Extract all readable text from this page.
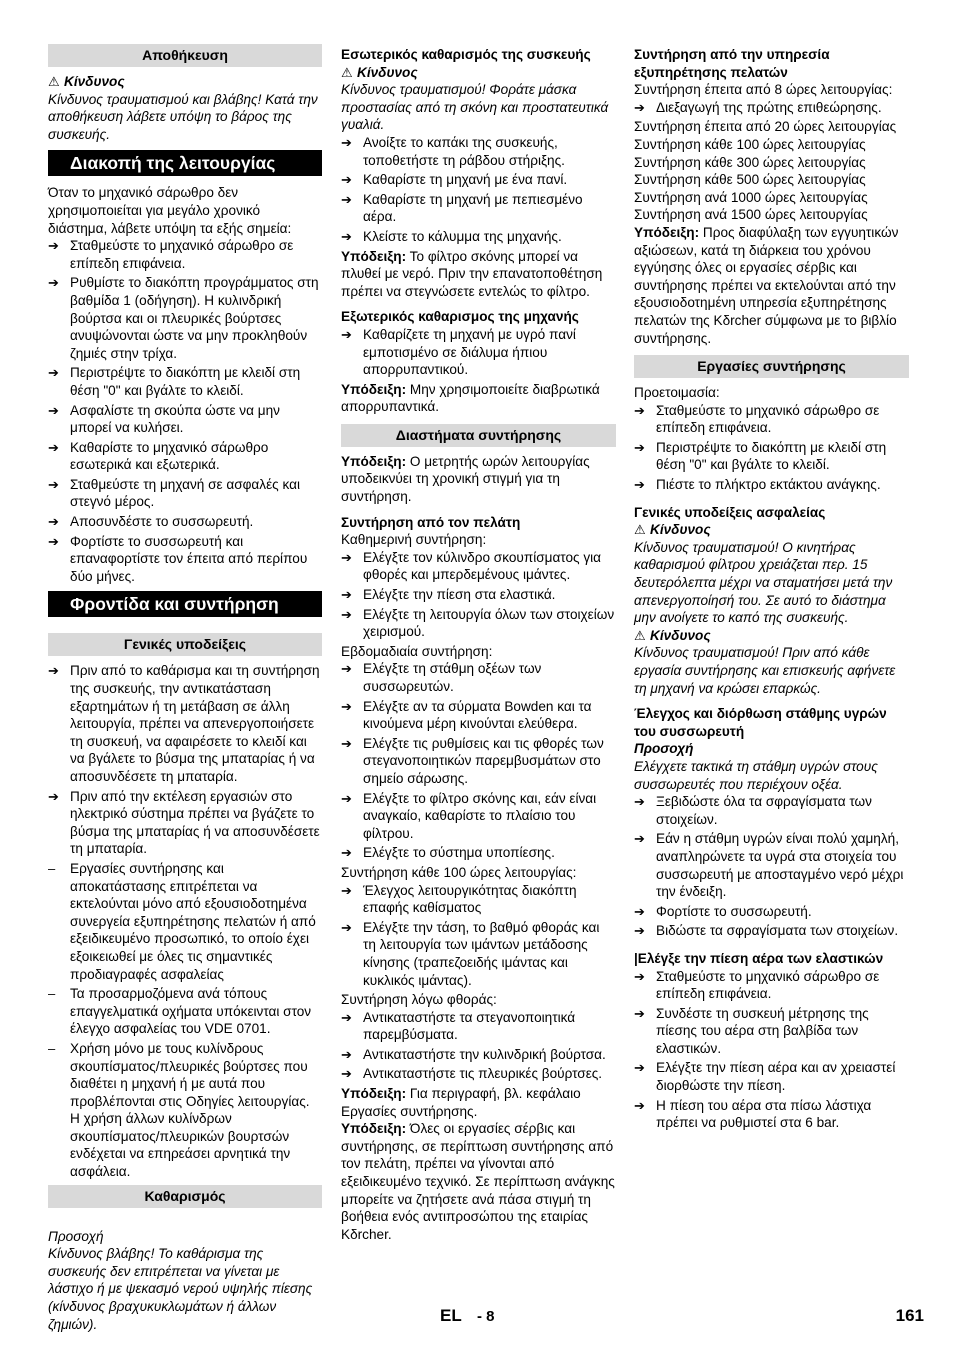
Αποθήκευση
⚠ Κίνδυνος

Κίνδυνος τραυματισμού και βλάβης! Κατά την αποθήκευση λάβετε υπόψη το βάρος της συσκευής.

Διακοπή της λειτουργίας

Όταν το μηχανικό σάρωθρο δεν χρησιμοποιείται για μεγάλο χρονικό διάστημα, λάβετε υπόψη τα εξής σημεία:

➔ Σταθμεύστε το μηχανικό σάρωθρο σε επίπεδη επιφάνεια.
➔ Ρυθμίστε το διακόπτη προγράμματος στη βαθμίδα 1 (οδήγηση). Η κυλινδρική βούρτσα και οι πλευρικές βούρτσες ανυψώνονται ώστε να μην προκληθούν ζημιές στην τρίχα.
➔ Περιστρέψτε το διακόπτη με κλειδί στη θέση "0" και βγάλτε το κλειδί.
➔ Ασφαλίστε τη σκούπα ώστε να μην μπορεί να κυλήσει.
➔ Καθαρίστε το μηχανικό σάρωθρο εσωτερικά και εξωτερικά.
➔ Σταθμεύστε τη μηχανή σε ασφαλές και στεγνό μέρος.
➔ Αποσυνδέστε το συσσωρευτή.
➔ Φορτίστε το συσσωρευτή και επαναφορτίστε τον έπειτα από περίπου δύο μήνες.
Φροντίδα και συντήρηση
Γενικές υποδείξεις
➔ Πριν από το καθάρισμα και τη συντήρηση της συσκευής, την αντικατάσταση εξαρτημάτων ή τη μετάβαση σε άλλη λειτουργία, πρέπει να απενεργοποιήσετε τη συσκευή, να αφαιρέσετε το κλειδί και να βγάλετε το βύσμα της μπαταρίας ή να αποσυνδέσετε τη μπαταρία.
➔ Πριν από την εκτέλεση εργασιών στο ηλεκτρικό σύστημα πρέπει να βγάζετε το βύσμα της μπαταρίας ή να αποσυνδέσετε τη μπαταρία.
–	Εργασίες συντήρησης και αποκατάστασης επιτρέπεται να εκτελούνται μόνο από εξουσιοδοτημένα συνεργεία εξυπηρέτησης πελατών ή από εξειδικευμένο προσωπικό, το οποίο έχει εξοικειωθεί με όλες τις σημαντικές προδιαγραφές ασφαλείας
–	Τα προσαρμοζόμενα ανά τόπους επαγγελματικά οχήματα υπόκεινται στον έλεγχο ασφαλείας του VDE 0701.
–	Χρήση μόνο με τους κυλίνδρους σκουπίσματος/πλευρικές βούρτσες που διαθέτει η μηχανή ή με αυτά που προβλέπονται στις Οδηγίες λειτουργίας. Η χρήση άλλων κυλίνδρων σκουπίσματος/πλευρικών βουρτσών ενδέχεται να επηρεάσει αρνητικά την ασφάλεια.
Καθαρισμός

Προσοχή

Κίνδυνος βλάβης! Το καθάρισμα της συσκευής δεν επιτρέπεται να γίνεται με λάστιχο ή με ψεκασμό νερού υψηλής πίεσης (κίνδυνος βραχυκυκλωμάτων ή άλλων ζημιών).

Εσωτερικός καθαρισμός της συσκευής

⚠ Κίνδυνος

Κίνδυνος τραυματισμού! Φοράτε μάσκα προστασίας από τη σκόνη και προστατευτικά γυαλιά.

➔ Ανοίξτε το καπάκι της συσκευής, τοποθετήστε τη ράβδου στήριξης.
➔ Καθαρίστε τη μηχανή με ένα πανί.
➔ Καθαρίστε τη μηχανή με πεπιεσμένο αέρα.
➔ Κλείστε το κάλυμμα της μηχανής.

Υπόδειξη: Το φίλτρο σκόνης μπορεί να πλυθεί με νερό. Πριν την επανατοποθέτηση πρέπει να στεγνώσετε εντελώς το φίλτρο.

Εξωτερικός καθαρισμος της μηχανής

➔ Καθαρίζετε τη μηχανή με υγρό πανί εμποτισμένο σε διάλυμα ήπιου απορρυπαντικού.

Υπόδειξη: Μην χρησιμοποιείτε διαβρωτικά απορρυπαντικά.

Διαστήματα συντήρησης

Υπόδειξη: Ο μετρητής ωρών λειτουργίας υποδεικνύει τη χρονική στιγμή για τη συντήρηση.

Συντήρηση από τον πελάτη

Καθημερινή συντήρηση:

➔ Ελέγξτε τον κύλινδρο σκουπίσματος για φθορές και μπερδεμένους ιμάντες.
➔ Ελέγξτε την πίεση στα ελαστικά.
➔ Ελέγξτε τη λειτουργία όλων των στοιχείων χειρισμού.

Εβδομαδιαία συντήρηση:

➔ Ελέγξτε τη στάθμη οξέων των συσσωρευτών.
➔ Ελέγξτε αν τα σύρματα Bowden και τα κινούμενα μέρη κινούνται ελεύθερα.
➔ Ελέγξτε τις ρυθμίσεις και τις φθορές των στεγανοποιητικών παρεμβυσμάτων στο σημείο σάρωσης.
➔ Ελέγξτε το φίλτρο σκόνης και, εάν είναι αναγκαίο, καθαρίστε το πλαίσιο του φίλτρου.
➔ Ελέγξτε το σύστημα υποπίεσης.

Συντήρηση κάθε 100 ώρες λειτουργίας:

➔ Έλεγχος λειτουργικότητας διακόπτη επαφής καθίσματος
➔ Ελέγξτε την τάση, το βαθμό φθοράς και τη λειτουργία των ιμάντων μετάδοσης κίνησης (τραπεζοειδής ιμάντας και κυκλικός ιμάντας).

Συντήρηση λόγω φθοράς:

➔ Αντικαταστήστε τα στεγανοποιητικά παρεμβύσματα.
➔ Αντικαταστήστε την κυλινδρική βούρτσα.
➔ Αντικαταστήστε τις πλευρικές βούρτσες.

Υπόδειξη: Για περιγραφή, βλ. κεφάλαιο Εργασίες συντήρησης.

Υπόδειξη: Όλες οι εργασίες σέρβις και συντήρησης, σε περίπτωση συντήρησης από τον πελάτη, πρέπει να γίνονται από εξειδικευμένο τεχνικό. Σε περίπτωση ανάγκης μπορείτε να ζητήσετε ανά πάσα στιγμή τη βοήθεια ενός αντιπροσώπου της εταιρίας Kδrcher.

Συντήρηση από την υπηρεσία εξυπηρέτησης πελατών

Συντήρηση έπειτα από 8 ώρες λειτουργίας:

➔ Διεξαγωγή της πρώτης επιθεώρησης.

Συντήρηση έπειτα από 20 ώρες λειτουργίας

Συντήρηση κάθε 100 ώρες λειτουργίας

Συντήρηση κάθε 300 ώρες λειτουργίας

Συντήρηση κάθε 500 ώρες λειτουργίας

Συντήρηση ανά 1000 ώρες λειτουργίας

Συντήρηση ανά 1500 ώρες λειτουργίας

Υπόδειξη: Προς διαφύλαξη των εγγυητικών αξιώσεων, κατά τη διάρκεια του χρόνου εγγύησης όλες οι εργασίες σέρβις και συντήρησης πρέπει να εκτελούνται από την εξουσιοδοτημένη υπηρεσία εξυπηρέτησης πελατών της Kδrcher σύμφωνα με το βιβλίο συντήρησης.

Εργασίες συντήρησης

Προετοιμασία:

➔ Σταθμεύστε το μηχανικό σάρωθρο σε επίπεδη επιφάνεια.
➔ Περιστρέψτε το διακόπτη με κλειδί στη θέση "0" και βγάλτε το κλειδί.
➔ Πιέστε το πλήκτρο εκτάκτου ανάγκης.

Γενικές υποδείξεις ασφαλείας

⚠ Κίνδυνος

Κίνδυνος τραυματισμού! Ο κινητήρας καθαρισμού φίλτρου χρειάζεται περ. 15 δευτερόλεπτα μέχρι να σταματήσει μετά την απενεργοποίησή του. Σε αυτό το διάστημα μην ανοίγετε το καπό της συσκευής.

⚠ Κίνδυνος

Κίνδυνος τραυματισμού! Πριν από κάθε εργασία συντήρησης και επισκευής αφήνετε τη μηχανή να κρώσει επαρκώς.

Έλεγχος και διόρθωση στάθμης υγρών του συσσωρευτή

Προσοχή

Ελέγχετε τακτικά τη στάθμη υγρών στους συσσωρευτές που περιέχουν οξέα.

➔ Ξεβιδώστε όλα τα σφραγίσματα των στοιχείων.
➔ Εάν η στάθμη υγρών είναι πολύ χαμηλή, αναπληρώνετε τα υγρά στα στοιχεία του συσσωρευτή με αποσταγμένο νερό μέχρι την ένδειξη.
➔ Φορτίστε το συσσωρευτή.
➔ Βιδώστε τα σφραγίσματα των στοιχείων.

|Ελέγξε την πίεση αέρα των ελαστικών

➔ Σταθμεύστε το μηχανικό σάρωθρο σε επίπεδη επιφάνεια.
➔ Συνδέστε τη συσκευή μέτρησης της πίεσης του αέρα στη βαλβίδα των ελαστικών.
➔ Ελέγξτε την πίεση αέρα και αν χρειαστεί διορθώστε την πίεση.
➔ Η πίεση του αέρα στα πίσω λάστιχα πρέπει να ρυθμιστεί στα 6 bar.
EL - 8	161
